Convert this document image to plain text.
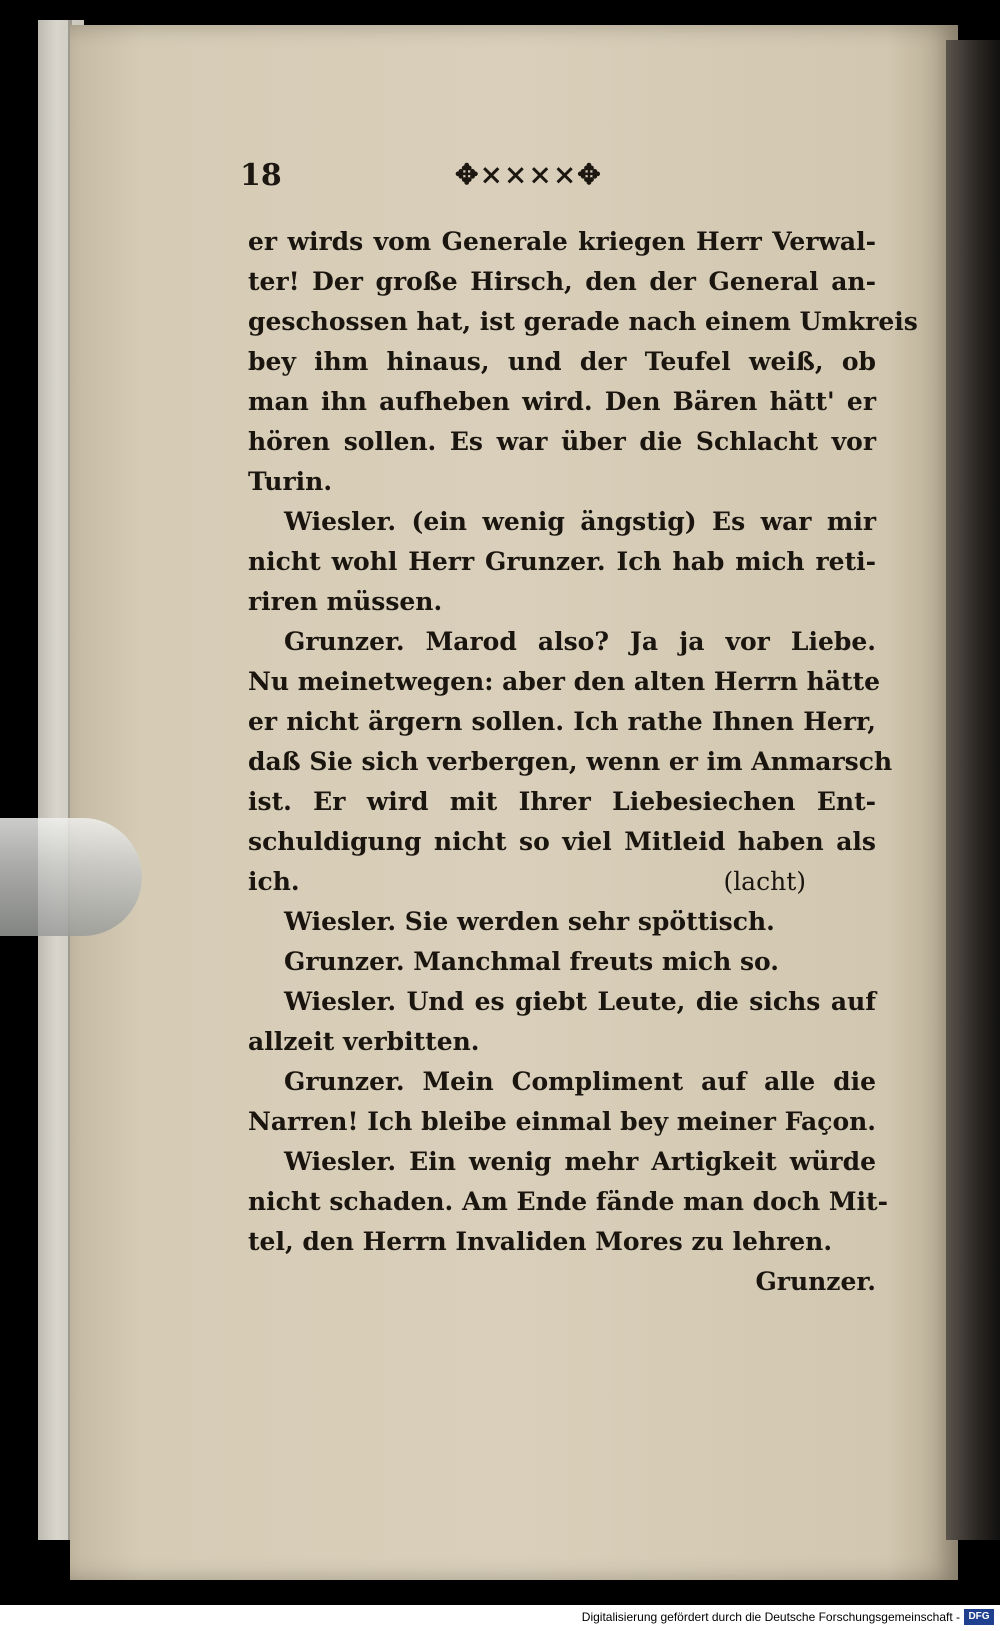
18	✥⨯⨯⨯⨯✥
er wirds vom Generale kriegen Herr Verwal-
ter! Der große Hirsch, den der General an-
geschossen hat, ist gerade nach einem Umkreis
bey ihm hinaus, und der Teufel weiß, ob
man ihn aufheben wird. Den Bären hätt' er
hören sollen. Es war über die Schlacht vor
Turin.
Wiesler. (ein wenig ängstig) Es war mir
nicht wohl Herr Grunzer. Ich hab mich reti-
riren müssen.
Grunzer. Marod also? Ja ja vor Liebe.
Nu meinetwegen: aber den alten Herrn hätte
er nicht ärgern sollen. Ich rathe Ihnen Herr,
daß Sie sich verbergen, wenn er im Anmarsch
ist. Er wird mit Ihrer Liebesiechen Ent-
schuldigung nicht so viel Mitleid haben als
ich.	(lacht)
Wiesler. Sie werden sehr spöttisch.
Grunzer. Manchmal freuts mich so.
Wiesler. Und es giebt Leute, die sichs auf
allzeit verbitten.
Grunzer. Mein Compliment auf alle die
Narren! Ich bleibe einmal bey meiner Façon.
Wiesler. Ein wenig mehr Artigkeit würde
nicht schaden. Am Ende fände man doch Mit-
tel, den Herrn Invaliden Mores zu lehren.
Grunzer.
Digitalisierung gefördert durch die Deutsche Forschungsgemeinschaft - DFG
